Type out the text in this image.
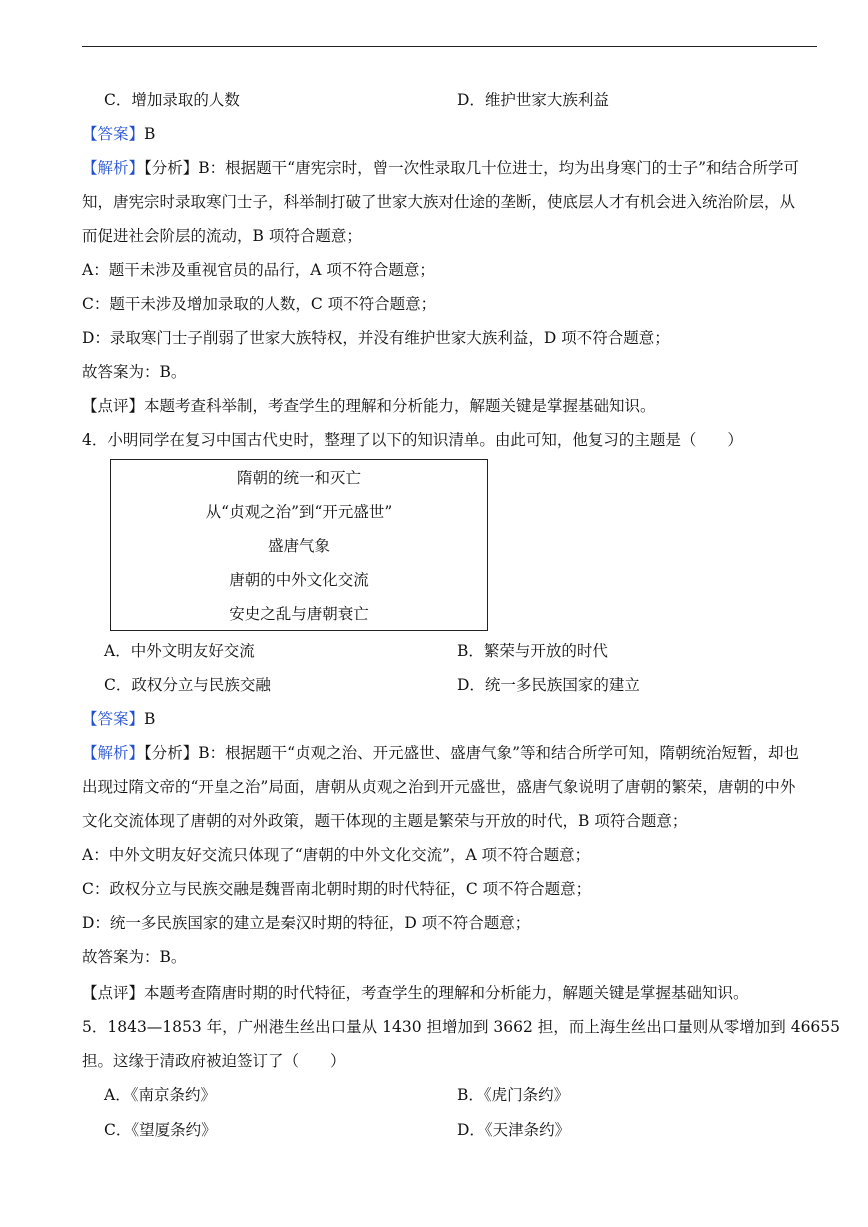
C．增加录取的人数	D．维护世家大族利益
【答案】B
【解析】【分析】B：根据题干“唐宪宗时，曾一次性录取几十位进士，均为出身寒门的士子”和结合所学可
知，唐宪宗时录取寒门士子，科举制打破了世家大族对仕途的垄断，使底层人才有机会进入统治阶层，从
而促进社会阶层的流动，B 项符合题意；
A：题干未涉及重视官员的品行，A 项不符合题意；
C：题干未涉及增加录取的人数，C 项不符合题意；
D：录取寒门士子削弱了世家大族特权，并没有维护世家大族利益，D 项不符合题意；
故答案为：B。
【点评】本题考查科举制，考查学生的理解和分析能力，解题关键是掌握基础知识。
4．小明同学在复习中国古代史时，整理了以下的知识清单。由此可知，他复习的主题是（　　）
隋朝的统一和灭亡
从“贞观之治”到“开元盛世”
盛唐气象
唐朝的中外文化交流
安史之乱与唐朝衰亡
A．中外文明友好交流	B．繁荣与开放的时代
C．政权分立与民族交融	D．统一多民族国家的建立
【答案】B
【解析】【分析】B：根据题干“贞观之治、开元盛世、盛唐气象”等和结合所学可知，隋朝统治短暂，却也
出现过隋文帝的“开皇之治”局面，唐朝从贞观之治到开元盛世，盛唐气象说明了唐朝的繁荣，唐朝的中外
文化交流体现了唐朝的对外政策，题干体现的主题是繁荣与开放的时代，B 项符合题意；
A：中外文明友好交流只体现了“唐朝的中外文化交流”，A 项不符合题意；
C：政权分立与民族交融是魏晋南北朝时期的时代特征，C 项不符合题意；
D：统一多民族国家的建立是秦汉时期的特征，D 项不符合题意；
故答案为：B。
【点评】本题考查隋唐时期的时代特征，考查学生的理解和分析能力，解题关键是掌握基础知识。
5．1843—1853 年，广州港生丝出口量从 1430 担增加到 3662 担，而上海生丝出口量则从零增加到 46655
担。这缘于清政府被迫签订了（　　）
A．《南京条约》	B．《虎门条约》
C．《望厦条约》	D．《天津条约》
